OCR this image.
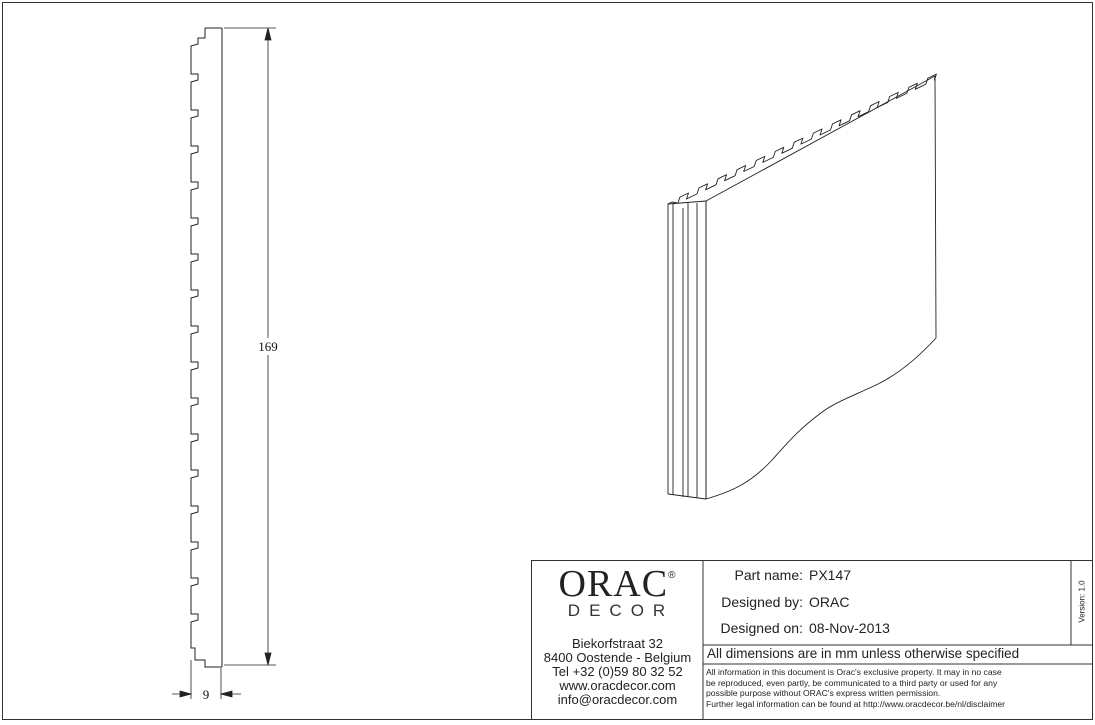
169
9
ORAC®
DECOR
Biekorfstraat 32
8400 Oostende - Belgium
Tel +32 (0)59 80 32 52
www.oracdecor.com
info@oracdecor.com
Part name: PX147
Designed by: ORAC
Designed on: 08-Nov-2013
Version: 1.0
All dimensions are in mm unless otherwise specified
All information in this document is Orac's exclusive property. It may in no case
be reproduced, even partly, be communicated to a third party or used for any
possible purpose without ORAC's express written permission.
Further legal information can be found at http://www.oracdecor.be/nl/disclaimer
